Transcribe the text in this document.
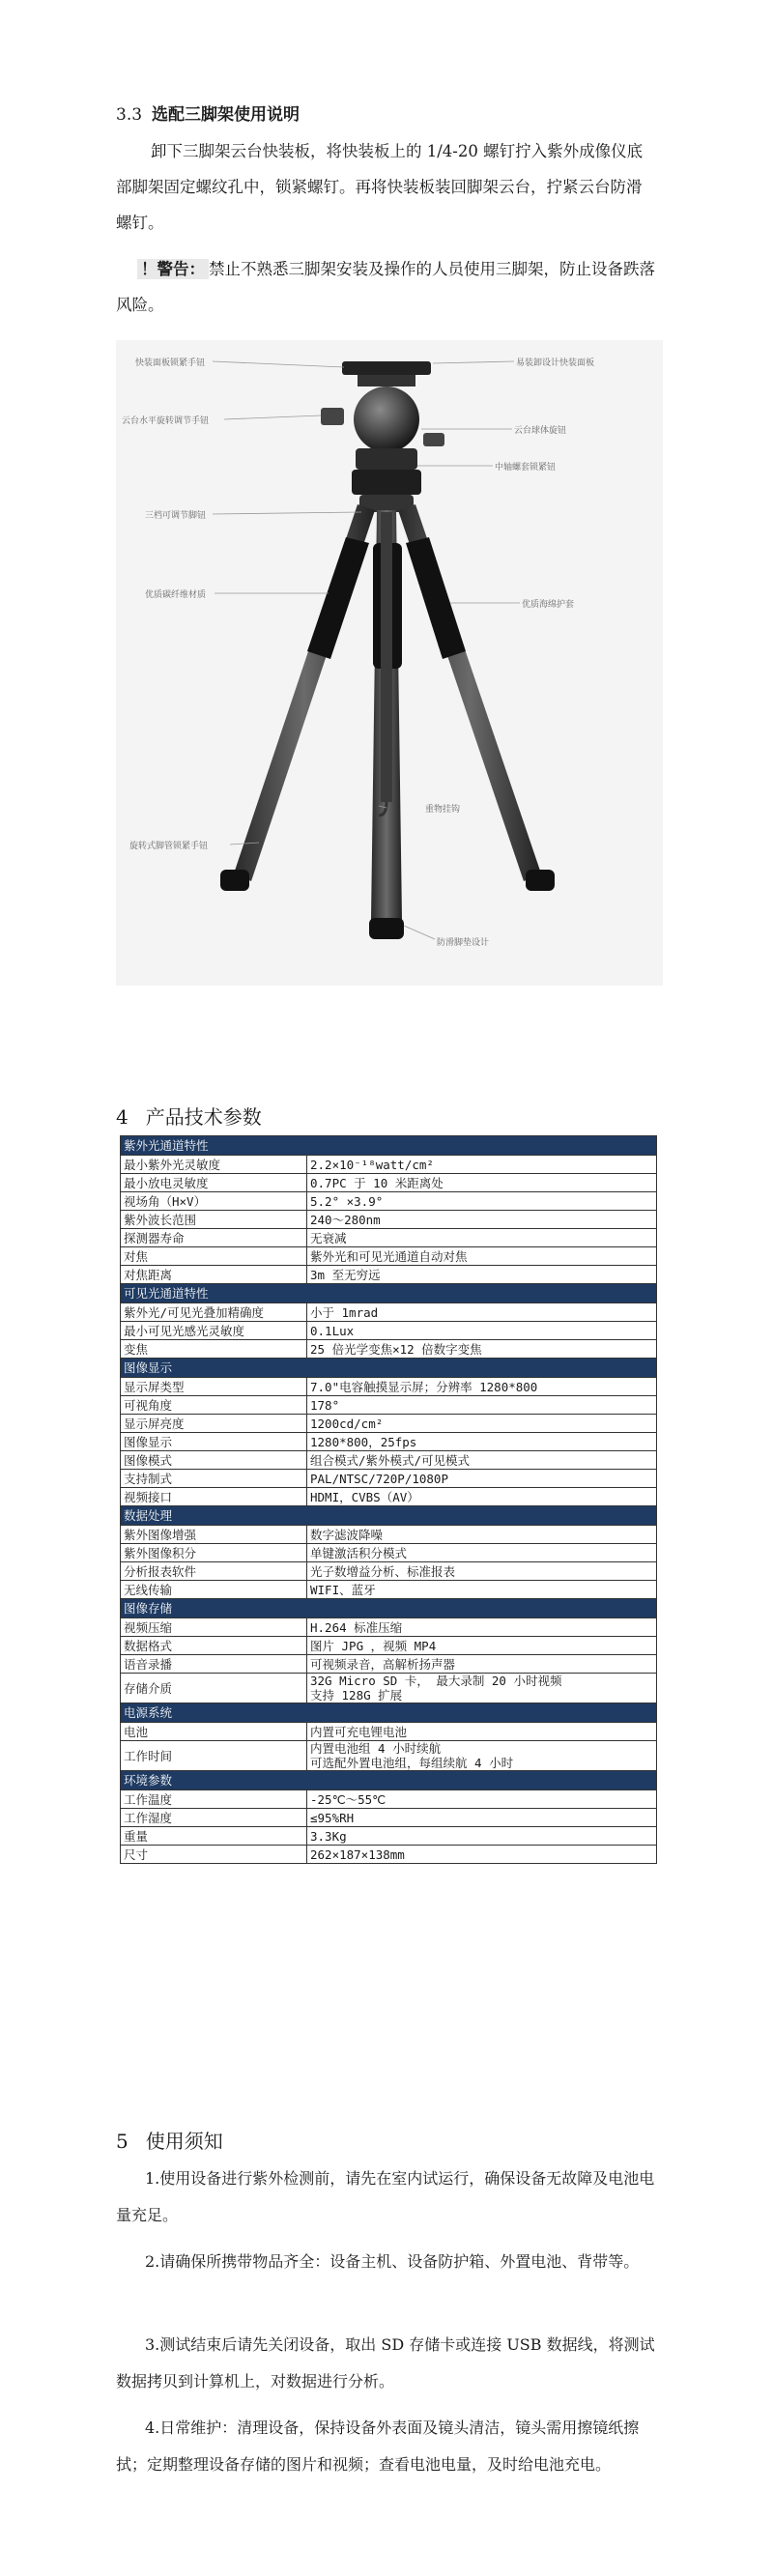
3.3 选配三脚架使用说明
卸下三脚架云台快装板，将快装板上的 1/4-20 螺钉拧入紫外成像仪底部脚架固定螺纹孔中，锁紧螺钉。再将快装板装回脚架云台，拧紧云台防滑螺钉。
！警告： 禁止不熟悉三脚架安装及操作的人员使用三脚架，防止设备跌落风险。
快装面板锁紧手钮	易装卸设计快装面板
云台水平旋转调节手钮
云台球体旋钮
中轴螺套锁紧钮
三档可调节脚钮
优质碳纤维材质
优质海绵护套
重物挂钩
旋转式脚管锁紧手钮
防滑脚垫设计
4 产品技术参数
紫外光通道特性	
最小紫外光灵敏度	2.2×10⁻¹⁸watt/cm²
最小放电灵敏度	0.7PC 于 10 米距离处
视场角（H×V）	5.2° ×3.9°
紫外波长范围	240～280nm
探测器寿命	无衰减
对焦	紫外光和可见光通道自动对焦
对焦距离	3m 至无穷远
可见光通道特性	
紫外光/可见光叠加精确度	小于 1mrad
最小可见光感光灵敏度	0.1Lux
变焦	25 倍光学变焦×12 倍数字变焦
图像显示	
显示屏类型	7.0"电容触摸显示屏；分辨率 1280*800
可视角度	178°
显示屏亮度	1200cd/cm²
图像显示	1280*800，25fps
图像模式	组合模式/紫外模式/可见模式
支持制式	PAL/NTSC/720P/1080P
视频接口	HDMI，CVBS（AV）
数据处理	
紫外图像增强	数字滤波降噪
紫外图像积分	单键激活积分模式
分析报表软件	光子数增益分析、标准报表
无线传输	WIFI、蓝牙
图像存储	
视频压缩	H.264 标准压缩
数据格式	图片 JPG ，视频 MP4
语音录播	可视频录音，高解析扬声器
存储介质	32G Micro SD 卡， 最大录制 20 小时视频
支持 128G 扩展

电源系统	
电池	内置可充电锂电池
工作时间	内置电池组 4 小时续航
可选配外置电池组，每组续航 4 小时

环境参数	
工作温度	-25℃～55℃
工作湿度	≤95%RH
重量	3.3Kg
尺寸	262×187×138mm
5 使用须知
1.使用设备进行紫外检测前，请先在室内试运行，确保设备无故障及电池电量充足。
2.请确保所携带物品齐全：设备主机、设备防护箱、外置电池、背带等。
3.测试结束后请先关闭设备，取出 SD 存储卡或连接 USB 数据线，将测试数据拷贝到计算机上，对数据进行分析。
4.日常维护：清理设备，保持设备外表面及镜头清洁，镜头需用擦镜纸擦拭；定期整理设备存储的图片和视频；查看电池电量，及时给电池充电。
